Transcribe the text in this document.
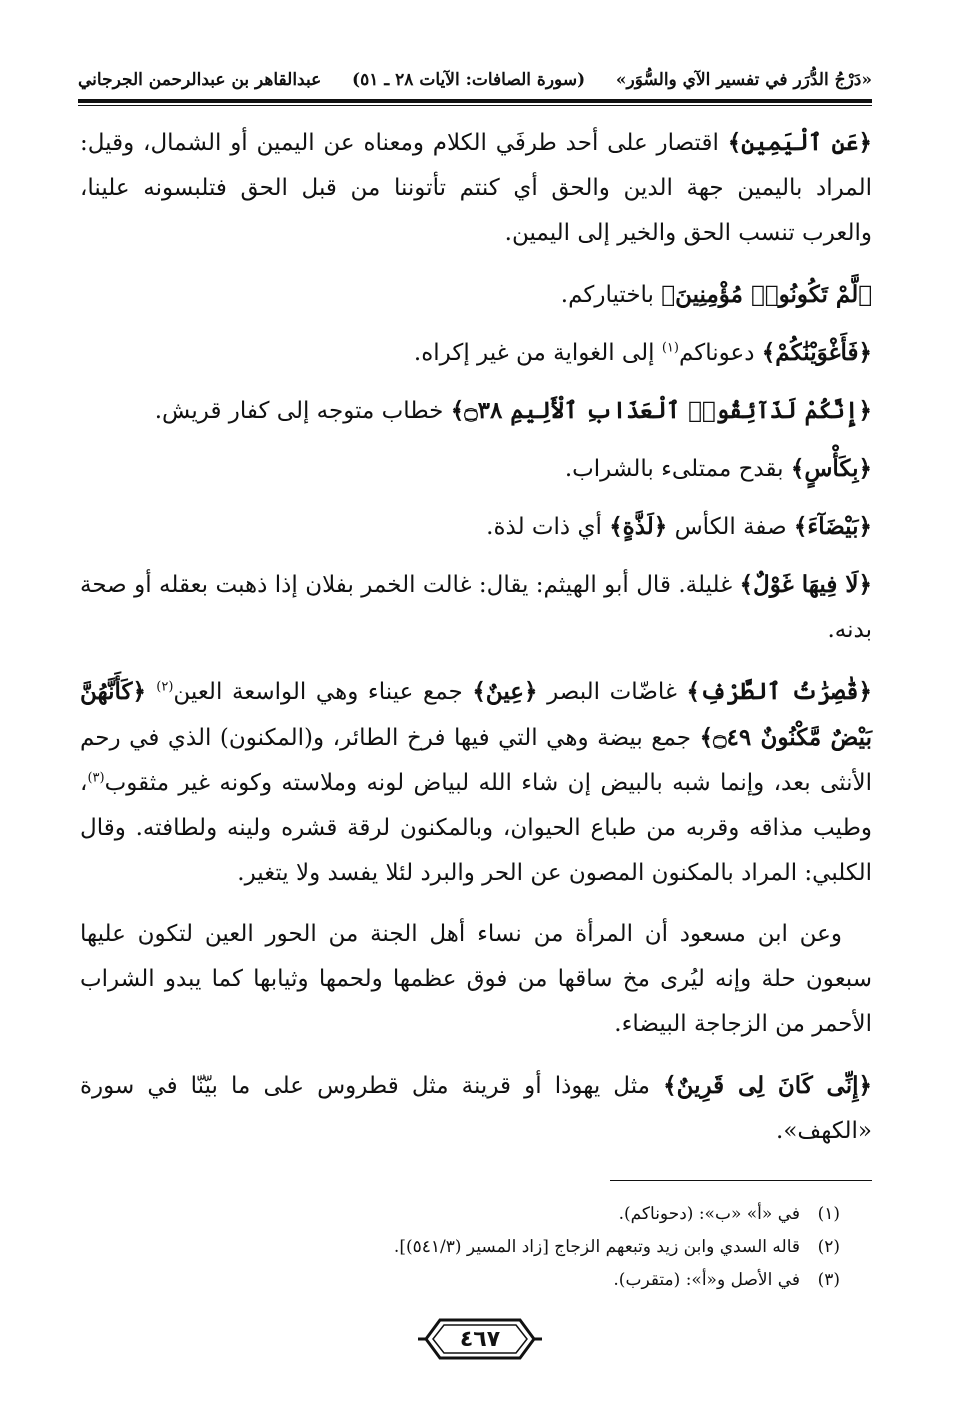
«دَرْجُ الدُّرَر في تفسير الآي والسُّوَر»
(سورة الصافات: الآيات ٢٨ ـ ٥١)
عبدالقاهر بن عبدالرحمن الجرجاني

﴿عَنِ ٱلْيَمِينِ﴾ اقتصار على أحد طرفَي الكلام ومعناه عن اليمين أو الشمال، وقيل: المراد باليمين جهة الدين والحق أي كنتم تأتوننا من قبل الحق فتلبسونه علينا، والعرب تنسب الحق والخير إلى اليمين.

﴿لَّمْ تَكُونُوا۟ مُؤْمِنِينَ﴾ باختياركم.

﴿فَأَغْوَيْنَٰكُمْ﴾ دعوناكم$^{(١)}$ إلى الغواية من غير إكراه.

﴿إِنَّكُمْ لَذَآئِقُوا۟ ٱلْعَذَابِ ٱلْأَلِيمِ ۝٣٨﴾ خطاب متوجه إلى كفار قريش.

﴿بِكَأْسٍ﴾ بقدح ممتلىء بالشراب.

﴿بَيْضَآءَ﴾ صفة الكأس ﴿لَذَّةٍ﴾ أي ذات لذة.

﴿لَا فِيهَا غَوْلٌ﴾ غليلة. قال أبو الهيثم: يقال: غالت الخمر بفلان إذا ذهبت بعقله أو صحة بدنه.

﴿قَٰصِرَٰتُ ٱلطَّرْفِ﴾ غاضّات البصر ﴿عِينٌ﴾ جمع عيناء وهي الواسعة العين$^{(٢)}$ ﴿كَأَنَّهُنَّ بَيْضٌ مَّكْنُونٌ ۝٤٩﴾ جمع بيضة وهي التي فيها فرخ الطائر، و(المكنون) الذي في رحم الأنثى بعد، وإنما شبه بالبيض إن شاء الله لبياض لونه وملاسته وكونه غير مثقوب$^{(٣)}$، وطيب مذاقه وقربه من طباع الحيوان، وبالمكنون لرقة قشره ولينه ولطافته. وقال الكلبي: المراد بالمكنون المصون عن الحر والبرد لئلا يفسد ولا يتغير.

وعن ابن مسعود أن المرأة من نساء أهل الجنة من الحور العين لتكون عليها سبعون حلة وإنه ليُرى مخ ساقها من فوق عظمها ولحمها وثيابها كما يبدو الشراب الأحمر من الزجاجة البيضاء.

﴿إِنِّى كَانَ لِى قَرِينٌ﴾ مثل يهوذا أو قرينة مثل قطروس على ما بيّنّا في سورة «الكهف».

(١)في «أ» «ب»: (دحوناكم).
(٢)قاله السدي وابن زيد وتبعهم الزجاج [زاد المسير (٥٤١/٣)].
(٣)في الأصل و«أ»: (متقرب).
٤٦٧
